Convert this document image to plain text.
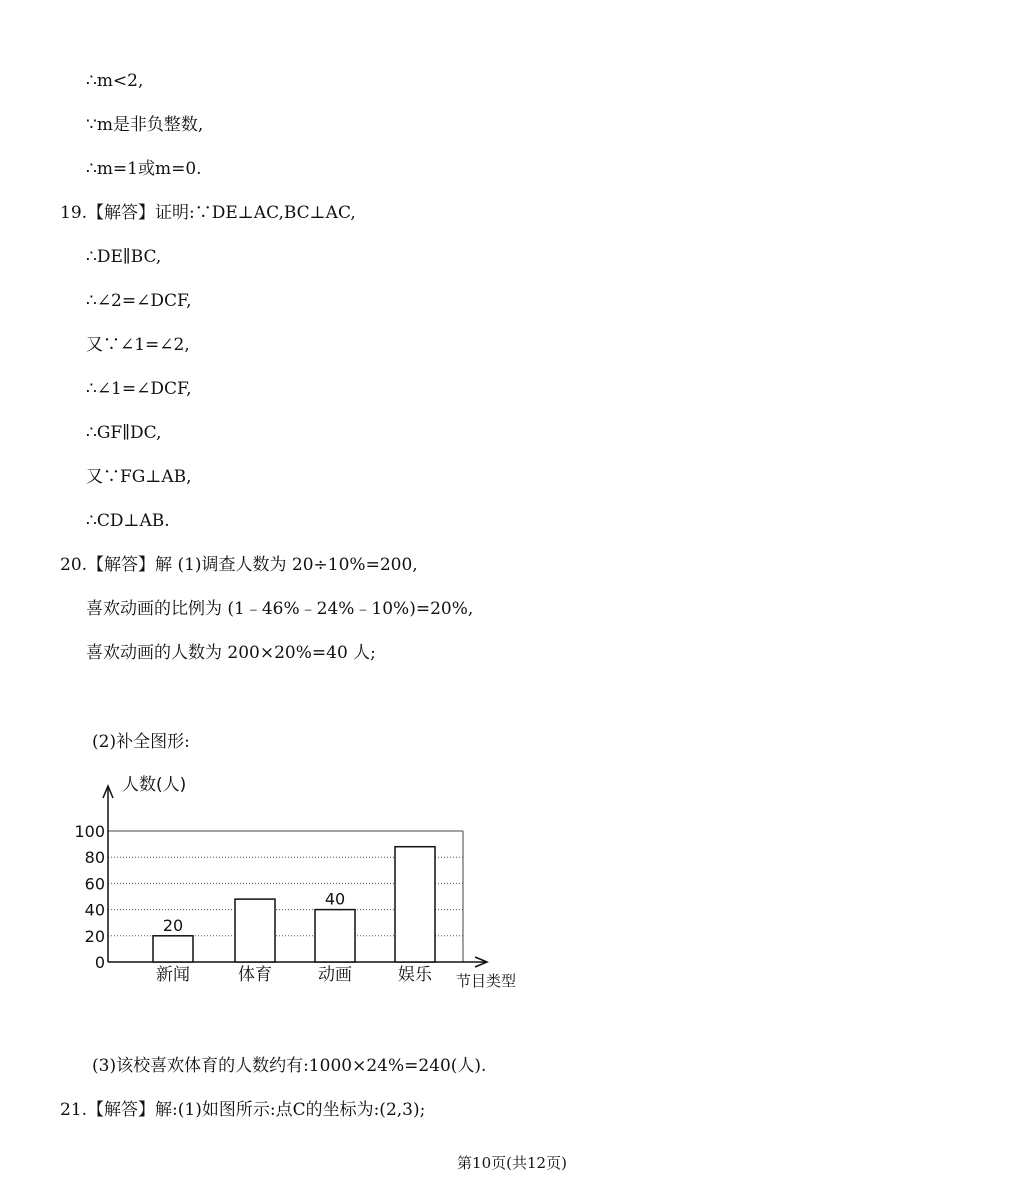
∴m<2,
∵m是非负整数,
∴m=1或m=0.
19.【解答】证明:∵DE⊥AC,BC⊥AC,
∴DE∥BC,
∴∠2=∠DCF,
又∵∠1=∠2,
∴∠1=∠DCF,
∴GF∥DC,
又∵FG⊥AB,
∴CD⊥AB.
20.【解答】解 (1)调查人数为 20÷10%=200,
喜欢动画的比例为 (1﹣46%﹣24%﹣10%)=20%,
喜欢动画的人数为 200×20%=40 人;
(2)补全图形:
0
20
40
60
80
100
人数(人)
节目类型
新闻
20
体育	动画
40
娱乐
(3)该校喜欢体育的人数约有:1000×24%=240(人).
21.【解答】解:(1)如图所示:点C的坐标为:(2,3);
第10页(共12页)
